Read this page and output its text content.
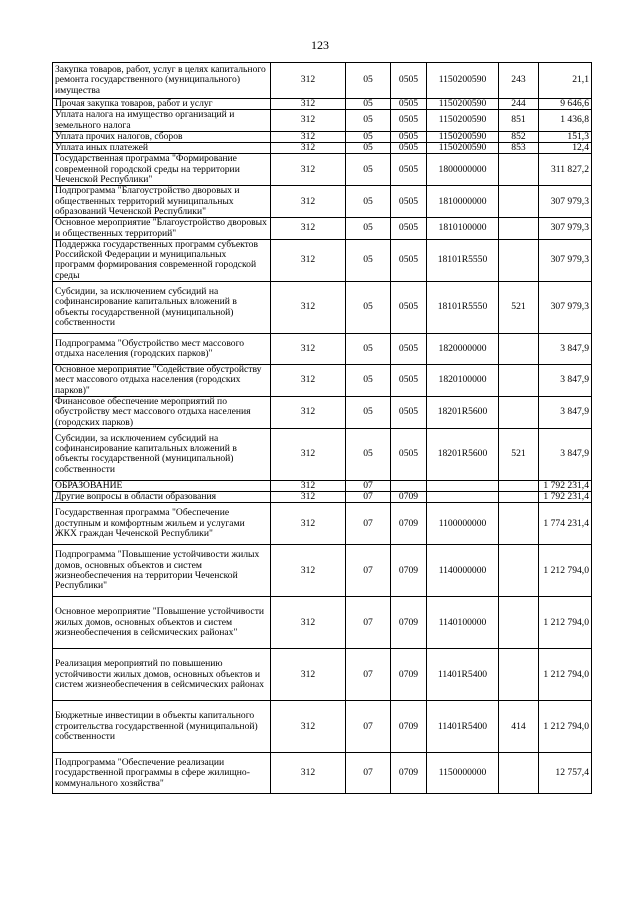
123
Закупка товаров, работ, услуг в целях капитального ремонта государственного (муниципального) имущества	312	05	0505	1150200590	243	21,1
Прочая закупка товаров, работ и услуг	312	05	0505	1150200590	244	9 646,6
Уплата налога на имущество организаций и земельного налога	312	05	0505	1150200590	851	1 436,8
Уплата прочих налогов, сборов	312	05	0505	1150200590	852	151,3
Уплата иных платежей	312	05	0505	1150200590	853	12,4
Государственная программа "Формирование современной городской среды на территории Чеченской Республики"	312	05	0505	1800000000		311 827,2
Подпрограмма "Благоустройство дворовых и общественных территорий муниципальных образований Чеченской Республики"	312	05	0505	1810000000		307 979,3
Основное мероприятие "Благоустройство дворовых и общественных территорий"	312	05	0505	1810100000		307 979,3
Поддержка государственных программ субъектов Российской Федерации и муниципальных программ формирования современной городской среды	312	05	0505	18101R5550		307 979,3
Субсидии, за исключением субсидий на софинансирование капитальных вложений в объекты государственной (муниципальной) собственности	312	05	0505	18101R5550	521	307 979,3
Подпрограмма "Обустройство мест массового отдыха населения (городских парков)"	312	05	0505	1820000000		3 847,9
Основное мероприятие "Содействие обустройству мест массового отдыха населения (городских парков)"	312	05	0505	1820100000		3 847,9
Финансовое обеспечение мероприятий по обустройству мест массового отдыха населения (городских парков)	312	05	0505	18201R5600		3 847,9
Субсидии, за исключением субсидий на софинансирование капитальных вложений в объекты государственной (муниципальной) собственности	312	05	0505	18201R5600	521	3 847,9
ОБРАЗОВАНИЕ	312	07				1 792 231,4
Другие вопросы в области образования	312	07	0709			1 792 231,4
Государственная программа "Обеспечение доступным и комфортным жильем и услугами ЖКХ граждан Чеченской Республики"	312	07	0709	1100000000		1 774 231,4
Подпрограмма "Повышение устойчивости жилых домов, основных объектов и систем жизнеобеспечения на территории Чеченской Республики"	312	07	0709	1140000000		1 212 794,0
Основное мероприятие "Повышение устойчивости жилых домов, основных объектов и систем жизнеобеспечения в сейсмических районах"	312	07	0709	1140100000		1 212 794,0
Реализация мероприятий по повышению устойчивости жилых домов, основных объектов и систем жизнеобеспечения в сейсмических районах	312	07	0709	11401R5400		1 212 794,0
Бюджетные инвестиции в объекты капитального строительства государственной (муниципальной) собственности	312	07	0709	11401R5400	414	1 212 794,0
Подпрограмма "Обеспечение реализации государственной программы в сфере жилищно-коммунального хозяйства"	312	07	0709	1150000000		12 757,4
